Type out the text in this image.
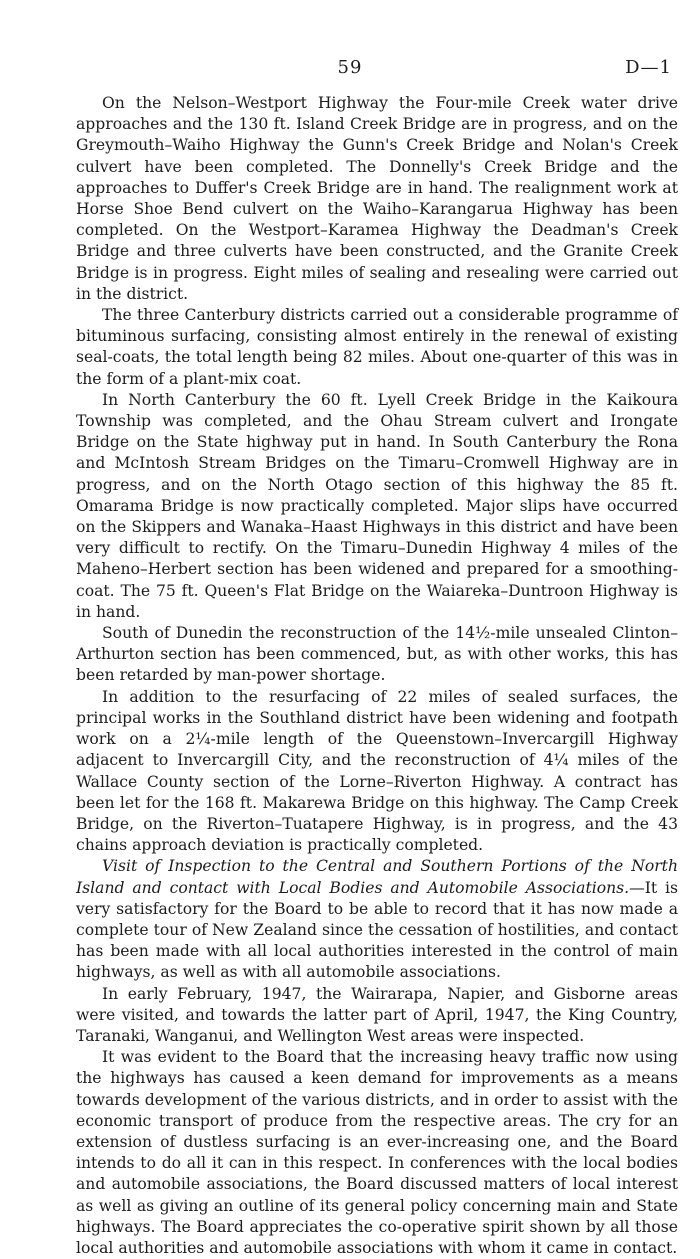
59	D—1

On the Nelson–Westport Highway the Four-mile Creek water drive approaches and the 130 ft. Island Creek Bridge are in progress, and on the Greymouth–Waiho Highway the Gunn's Creek Bridge and Nolan's Creek culvert have been completed. The Donnelly's Creek Bridge and the approaches to Duffer's Creek Bridge are in hand. The realignment work at Horse Shoe Bend culvert on the Waiho–Karangarua Highway has been completed. On the Westport–Karamea Highway the Deadman's Creek Bridge and three culverts have been constructed, and the Granite Creek Bridge is in progress. Eight miles of sealing and resealing were carried out in the district.

The three Canterbury districts carried out a considerable programme of bituminous surfacing, consisting almost entirely in the renewal of existing seal-coats, the total length being 82 miles. About one-quarter of this was in the form of a plant-mix coat.

In North Canterbury the 60 ft. Lyell Creek Bridge in the Kaikoura Township was completed, and the Ohau Stream culvert and Irongate Bridge on the State highway put in hand. In South Canterbury the Rona and McIntosh Stream Bridges on the Timaru–Cromwell Highway are in progress, and on the North Otago section of this highway the 85 ft. Omarama Bridge is now practically completed. Major slips have occurred on the Skippers and Wanaka–Haast Highways in this district and have been very difficult to rectify. On the Timaru–Dunedin Highway 4 miles of the Maheno–Herbert section has been widened and prepared for a smoothing-coat. The 75 ft. Queen's Flat Bridge on the Waiareka–Duntroon Highway is in hand.

South of Dunedin the reconstruction of the 14½-mile unsealed Clinton–Arthurton section has been commenced, but, as with other works, this has been retarded by man-power shortage.

In addition to the resurfacing of 22 miles of sealed surfaces, the principal works in the Southland district have been widening and footpath work on a 2¼-mile length of the Queenstown–Invercargill Highway adjacent to Invercargill City, and the reconstruction of 4¼ miles of the Wallace County section of the Lorne–Riverton Highway. A contract has been let for the 168 ft. Makarewa Bridge on this highway. The Camp Creek Bridge, on the Riverton–Tuatapere Highway, is in progress, and the 43 chains approach deviation is practically completed.

Visit of Inspection to the Central and Southern Portions of the North Island and contact with Local Bodies and Automobile Associations.—It is very satisfactory for the Board to be able to record that it has now made a complete tour of New Zealand since the cessation of hostilities, and contact has been made with all local authorities interested in the control of main highways, as well as with all automobile associations.

In early February, 1947, the Wairarapa, Napier, and Gisborne areas were visited, and towards the latter part of April, 1947, the King Country, Taranaki, Wanganui, and Wellington West areas were inspected.

It was evident to the Board that the increasing heavy traffic now using the highways has caused a keen demand for improvements as a means towards development of the various districts, and in order to assist with the economic transport of produce from the respective areas. The cry for an extension of dustless surfacing is an ever-increasing one, and the Board intends to do all it can in this respect. In conferences with the local bodies and automobile associations, the Board discussed matters of local interest as well as giving an outline of its general policy concerning main and State highways. The Board appreciates the co-operative spirit shown by all those local authorities and automobile associations with whom it came in contact.
